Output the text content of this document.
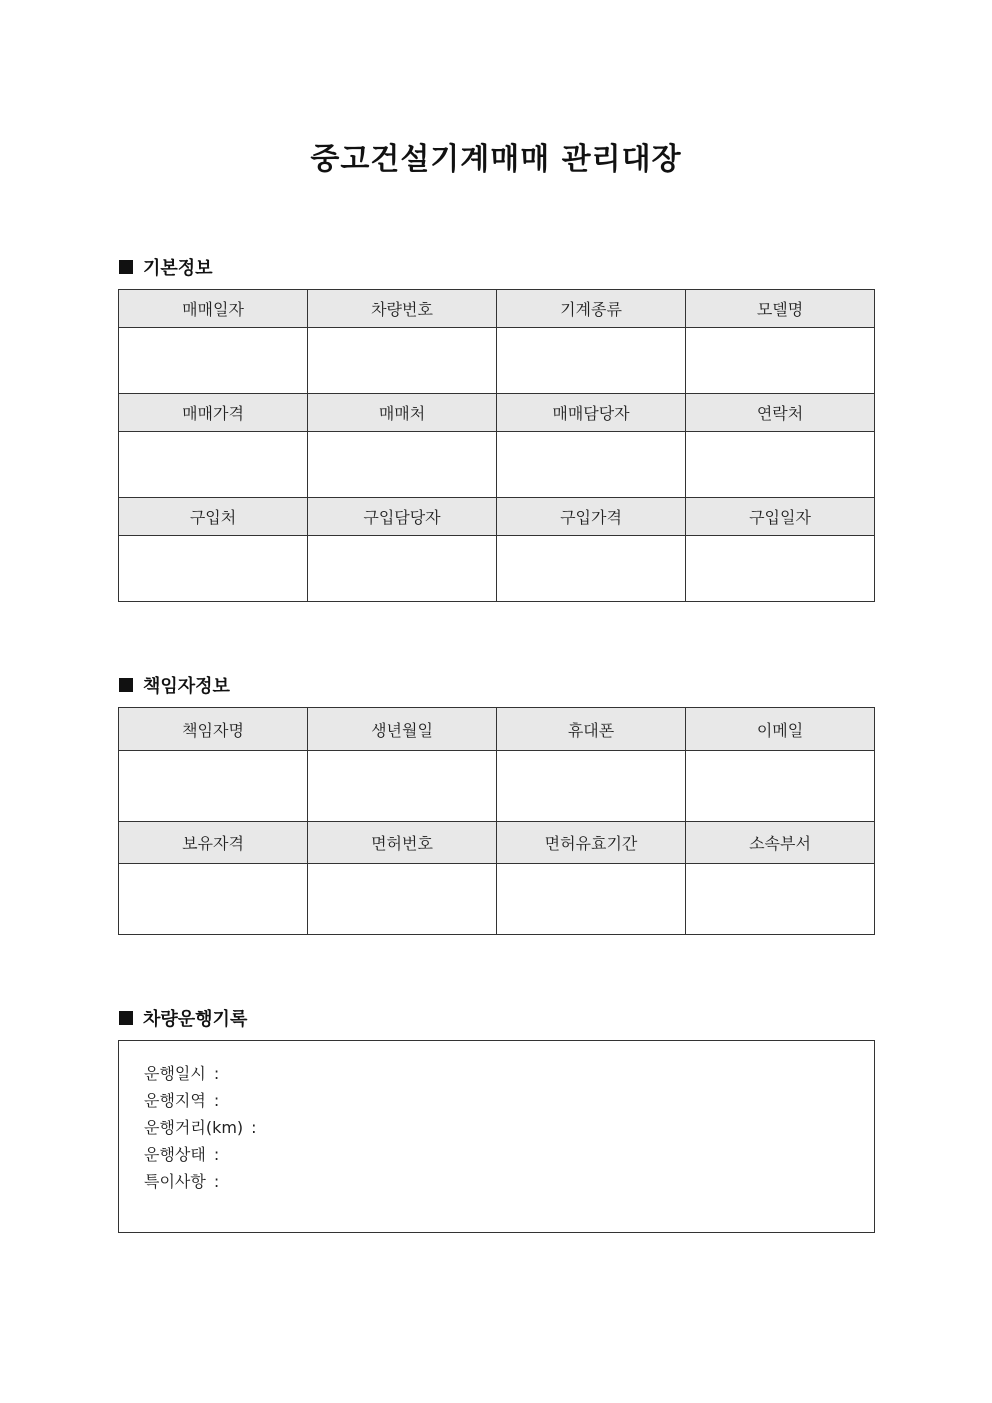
중고건설기계매매 관리대장
기본정보
매매일자	차량번호	기계종류	모델명

매매가격	매매처	매매담당자	연락처

구입처	구입담당자	구입가격	구입일자

책임자정보
책임자명	생년월일	휴대폰	이메일

보유자격	면허번호	면허유효기간	소속부서

차량운행기록
운행일시 :
운행지역 :
운행거리(km) :
운행상태 :
특이사항 :
